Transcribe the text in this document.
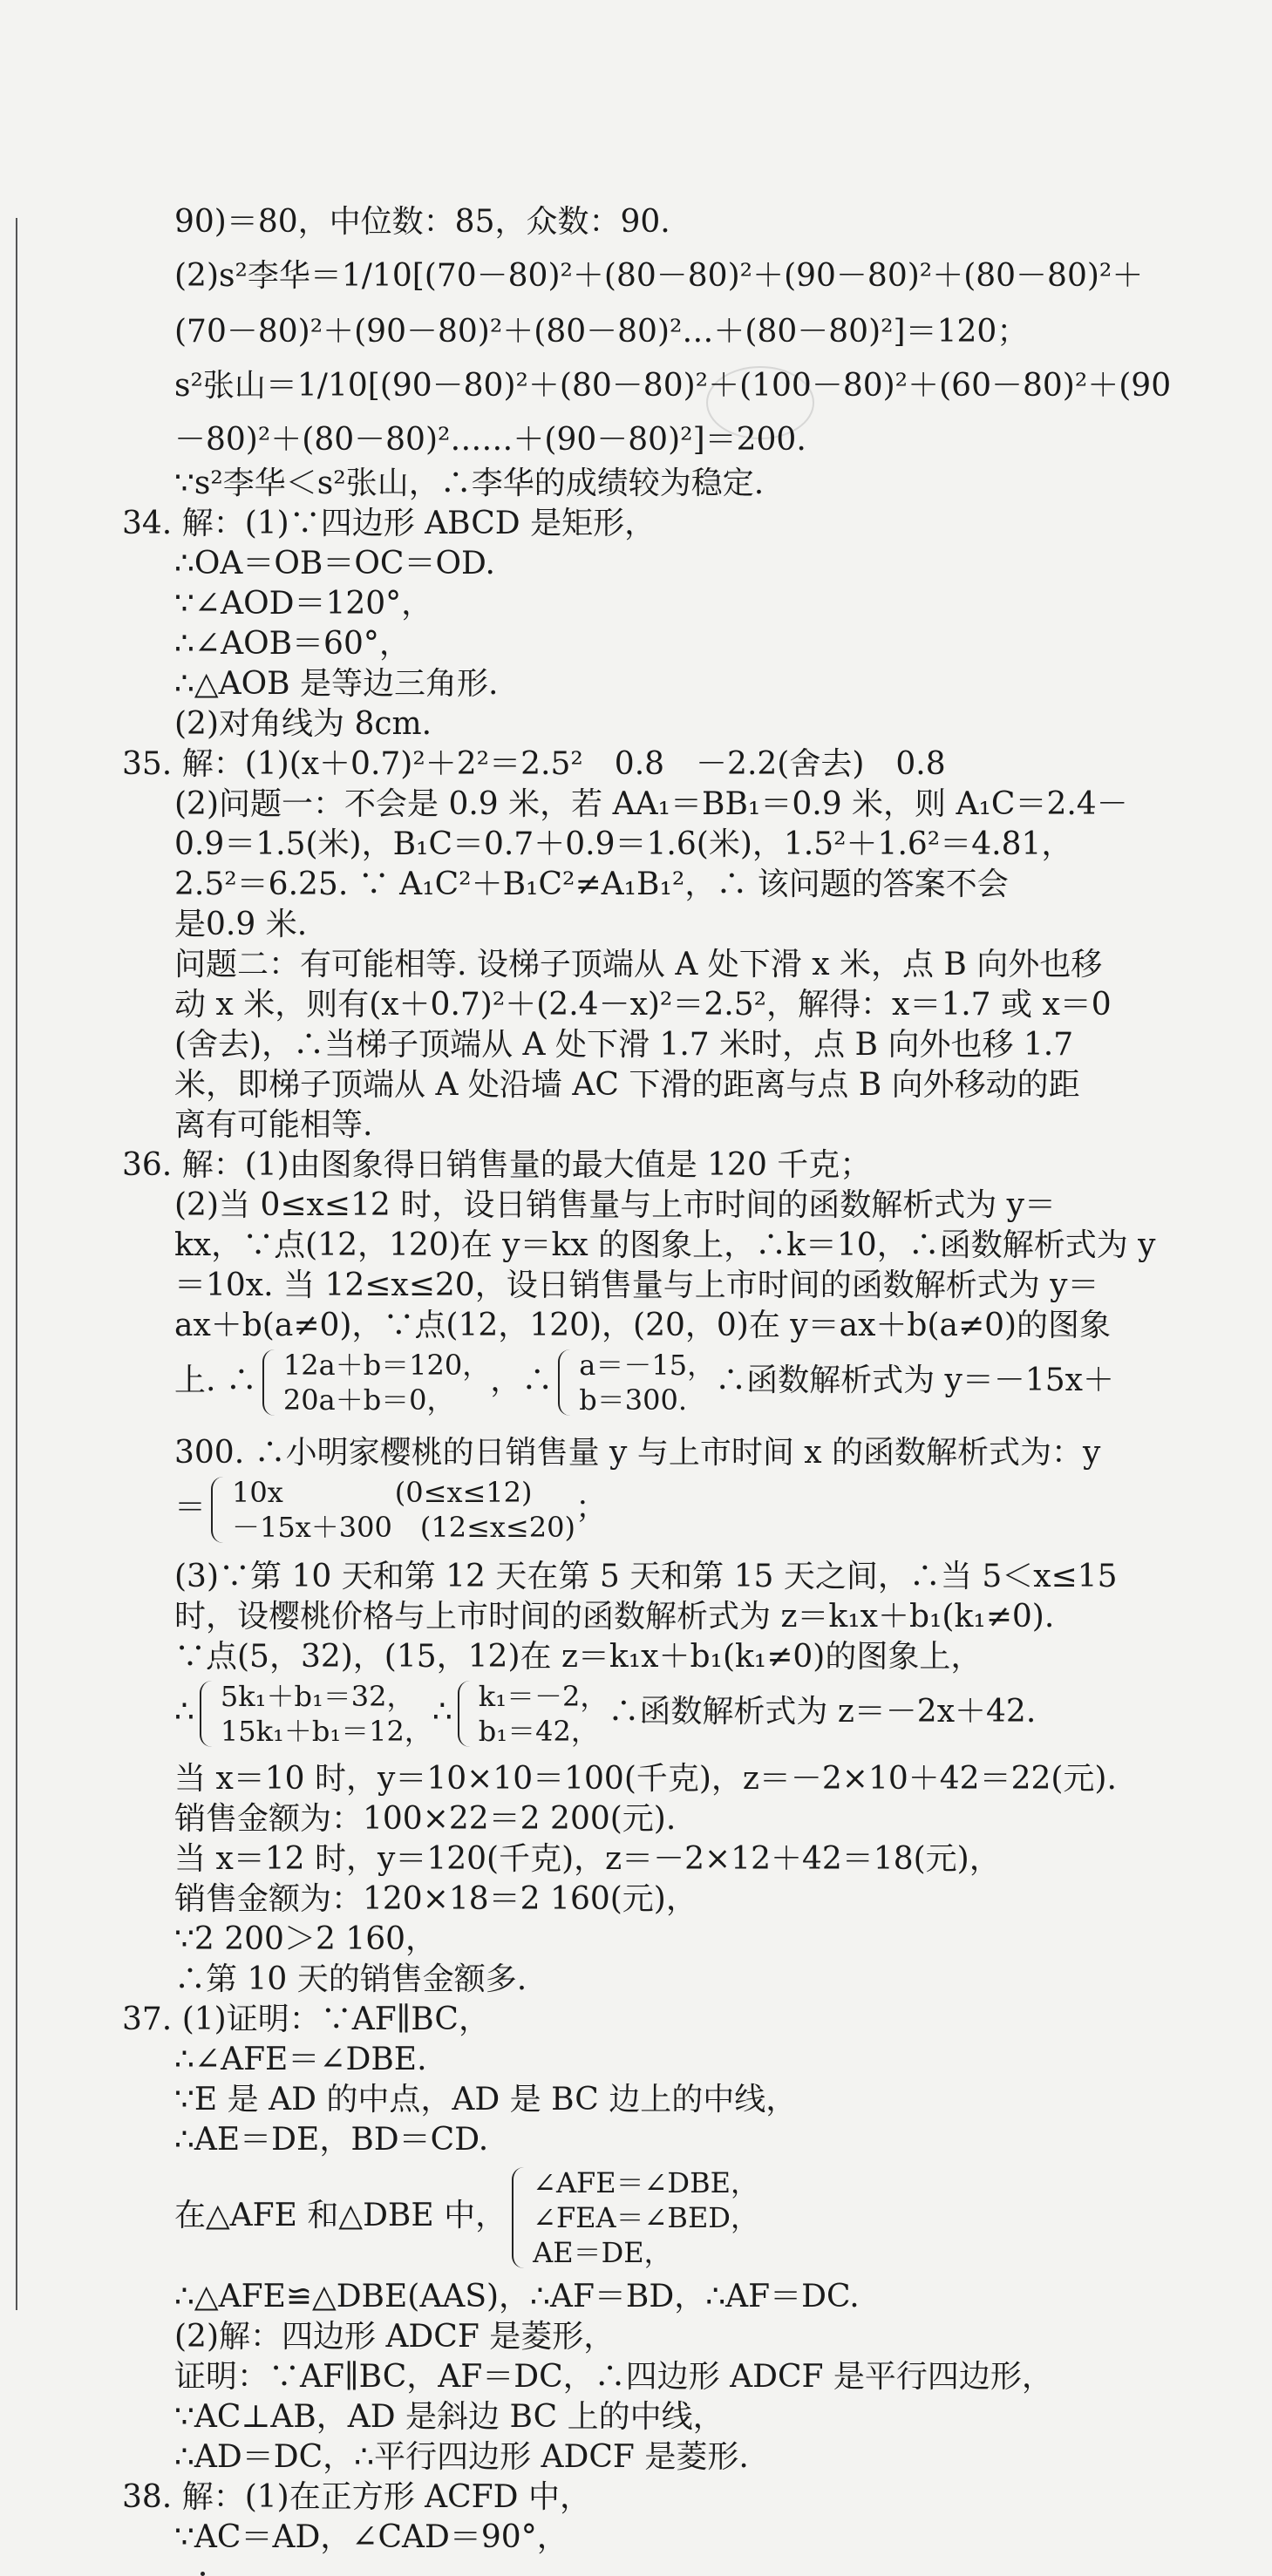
90)＝80，中位数：85，众数：90.
(2)s²李华＝1/10[(70－80)²＋(80－80)²＋(90－80)²＋(80－80)²＋
(70－80)²＋(90－80)²＋(80－80)²…＋(80－80)²]＝120；
s²张山＝1/10[(90－80)²＋(80－80)²＋(100－80)²＋(60－80)²＋(90
－80)²＋(80－80)²……＋(90－80)²]＝200.
∵s²李华＜s²张山，∴李华的成绩较为稳定.
34. 解：(1)∵四边形 ABCD 是矩形，
∴OA＝OB＝OC＝OD.
∵∠AOD＝120°，
∴∠AOB＝60°，
∴△AOB 是等边三角形.
(2)对角线为 8cm.
35. 解：(1)(x＋0.7)²＋2²＝2.5²　0.8　－2.2(舍去)　0.8
(2)问题一：不会是 0.9 米，若 AA₁＝BB₁＝0.9 米，则 A₁C＝2.4－
0.9＝1.5(米)，B₁C＝0.7＋0.9＝1.6(米)，1.5²＋1.6²＝4.81，
2.5²＝6.25. ∵ A₁C²＋B₁C²≠A₁B₁²，∴ 该问题的答案不会
是0.9 米.
问题二：有可能相等. 设梯子顶端从 A 处下滑 x 米，点 B 向外也移
动 x 米，则有(x＋0.7)²＋(2.4－x)²＝2.5²，解得：x＝1.7 或 x＝0
(舍去)，∴当梯子顶端从 A 处下滑 1.7 米时，点 B 向外也移 1.7
米，即梯子顶端从 A 处沿墙 AC 下滑的距离与点 B 向外移动的距
离有可能相等.
36. 解：(1)由图象得日销售量的最大值是 120 千克；
(2)当 0≤x≤12 时，设日销售量与上市时间的函数解析式为 y＝
kx，∵点(12，120)在 y＝kx 的图象上，∴k＝10，∴函数解析式为 y
＝10x. 当 12≤x≤20，设日销售量与上市时间的函数解析式为 y＝
ax＋b(a≠0)，∵点(12，120)，(20，0)在 y＝ax＋b(a≠0)的图象
上. ∴ 12a＋b＝120，
20a＋b＝0，
，∴ a＝－15，
b＝300.
∴函数解析式为 y＝－15x＋
300. ∴小明家樱桃的日销售量 y 与上市时间 x 的函数解析式为：y
＝ 10x　　　　(0≤x≤12)
－15x＋300　(12≤x≤20)
；
(3)∵第 10 天和第 12 天在第 5 天和第 15 天之间，∴当 5＜x≤15
时，设樱桃价格与上市时间的函数解析式为 z＝k₁x＋b₁(k₁≠0).
∵点(5，32)，(15，12)在 z＝k₁x＋b₁(k₁≠0)的图象上，
∴ 5k₁＋b₁＝32，
15k₁＋b₁＝12，
∴ k₁＝－2，
b₁＝42，
∴函数解析式为 z＝－2x＋42.
当 x＝10 时，y＝10×10＝100(千克)，z＝－2×10＋42＝22(元).
销售金额为：100×22＝2 200(元).
当 x＝12 时，y＝120(千克)，z＝－2×12＋42＝18(元)，
销售金额为：120×18＝2 160(元)，
∵2 200＞2 160，
∴第 10 天的销售金额多.
37. (1)证明：∵AF∥BC，
∴∠AFE＝∠DBE.
∵E 是 AD 的中点，AD 是 BC 边上的中线，
∴AE＝DE，BD＝CD.
在△AFE 和△DBE 中，
∠AFE＝∠DBE，
∠FEA＝∠BED，
AE＝DE，
∴△AFE≌△DBE(AAS)，∴AF＝BD，∴AF＝DC.
(2)解：四边形 ADCF 是菱形，
证明：∵AF∥BC，AF＝DC，∴四边形 ADCF 是平行四边形，
∵AC⊥AB，AD 是斜边 BC 上的中线，
∴AD＝DC，∴平行四边形 ADCF 是菱形.
38. 解：(1)在正方形 ACFD 中，
∵AC＝AD，∠CAD＝90°，
